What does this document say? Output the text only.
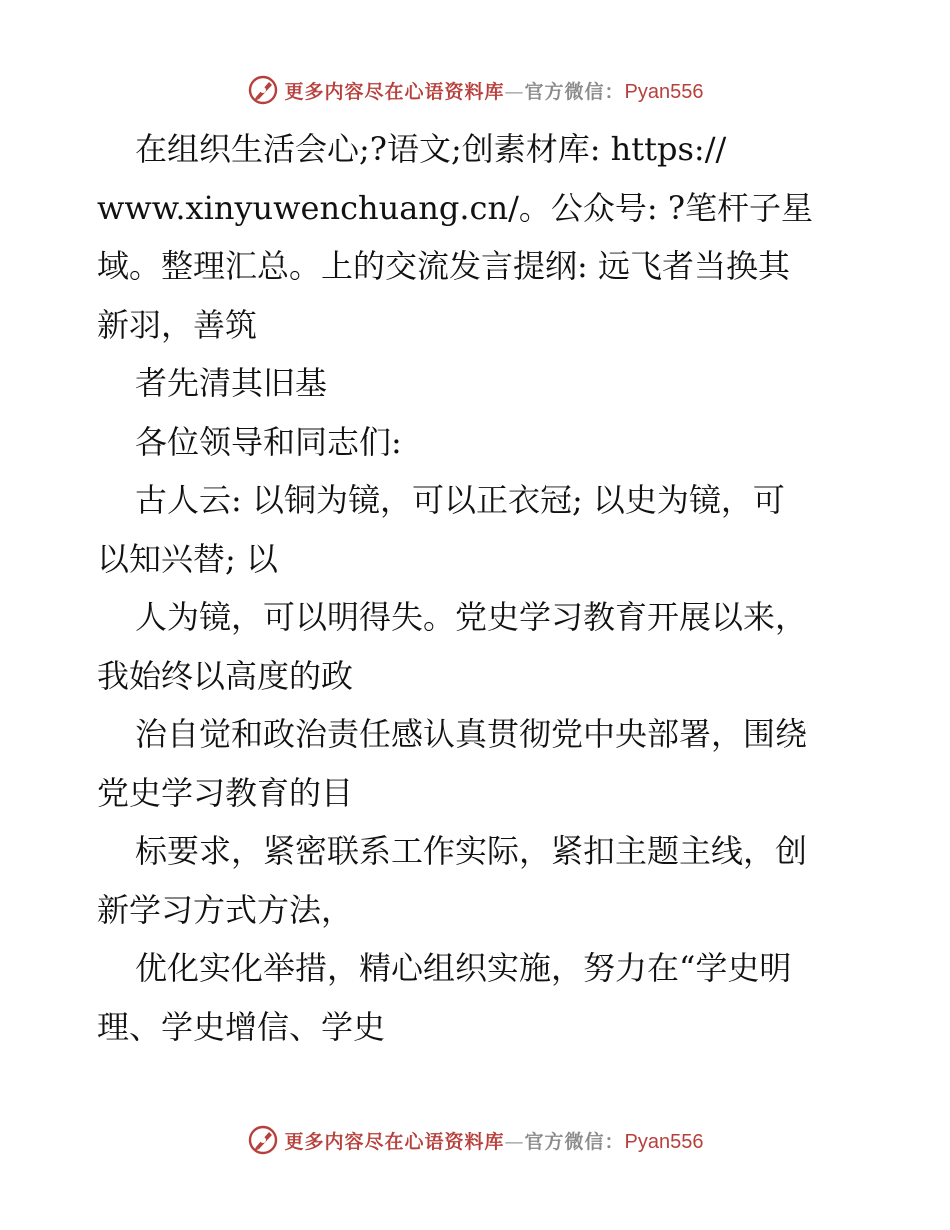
更多内容尽在心语资料库—官方微信：Pyan556
在组织生活会心;?语文;创素材库: https://
www.xinyuwenchuang.cn/。公众号: ?笔杆子星
域。整理汇总。上的交流发言提纲: 远飞者当换其
新羽，善筑
者先清其旧基
各位领导和同志们:
古人云: 以铜为镜，可以正衣冠; 以史为镜，可
以知兴替; 以
人为镜，可以明得失。党史学习教育开展以来，
我始终以高度的政
治自觉和政治责任感认真贯彻党中央部署，围绕
党史学习教育的目
标要求，紧密联系工作实际，紧扣主题主线，创
新学习方式方法，
优化实化举措，精心组织实施，努力在“学史明
理、学史增信、学史
更多内容尽在心语资料库—官方微信：Pyan556
